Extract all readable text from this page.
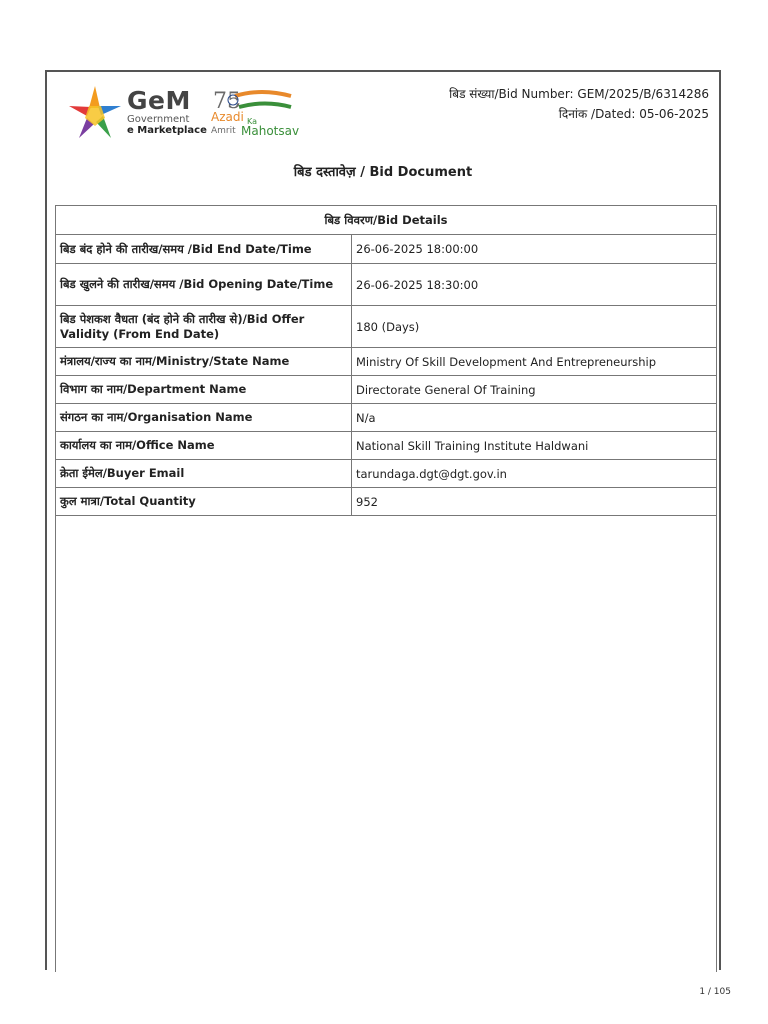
GeM
Government
e Marketplace
75
Azadi Ka
Amrit Mahotsav
बिड संख्या/Bid Number: GEM/2025/B/6314286
दिनांक /Dated: 05-06-2025
बिड दस्तावेज़ / Bid Document
बिड विवरण/Bid Details	
बिड बंद होने की तारीख/समय /Bid End Date/Time	26-06-2025 18:00:00
बिड खुलने की तारीख/समय /Bid Opening Date/Time	26-06-2025 18:30:00
बिड पेशकश वैधता (बंद होने की तारीख से)/Bid Offer Validity (From End Date)	180 (Days)
मंत्रालय/राज्य का नाम/Ministry/State Name	Ministry Of Skill Development And Entrepreneurship
विभाग का नाम/Department Name	Directorate General Of Training
संगठन का नाम/Organisation Name	N/a
कार्यालय का नाम/Office Name	National Skill Training Institute Haldwani
क्रेता ईमेल/Buyer Email	tarundaga.dgt@dgt.gov.in
कुल मात्रा/Total Quantity	952
1 / 105
